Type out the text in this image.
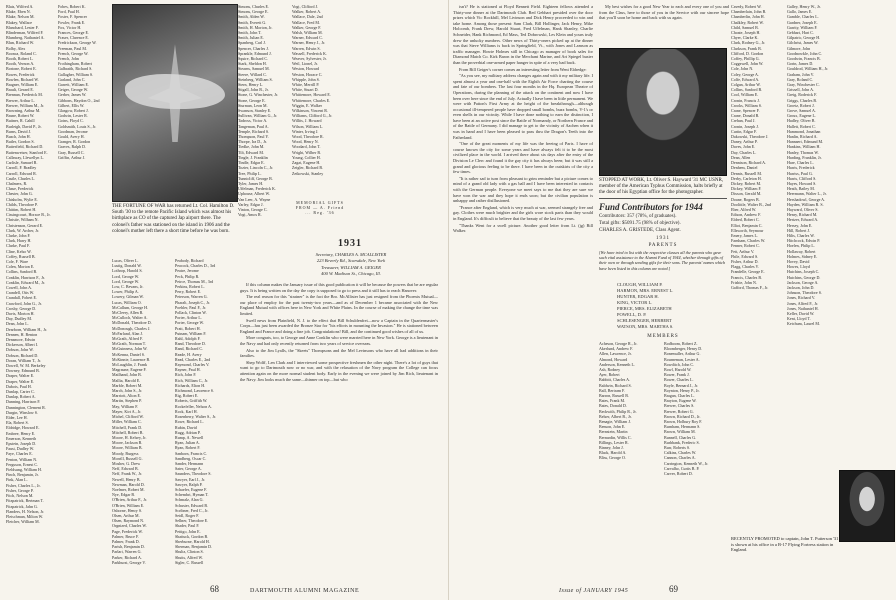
Blais, Wilfred A.
Blake, Eben N.
Blake, Nelson M.
Blakey, Wallace
Blanchard, Lester F.
Blinderman, Wilfred F.
Blumberg, Nathaniel A.
Blun, Richard W.
Bolby, Alex
Boonca, Roland C.
Booth, Robert L.
Booth, Vernon A.
Bortone, Robert E.
Bowes, Frederick
Bowlen, Richard W.
Bragner, William E.
Brault, Gerard E.
Brennan, Frederick M.
Brewer, Arthur L.
Brewer, William M., Jr.
Browning, Arthur M.
Brune, Robert W.
Buitner, R. Cahill
Burleigh, David P., Jr.
Burns, David J.
Busch, John H.
Butler, Gordon S.
Butterfield, Richard D.
Buttenweiser, Stanford E.
Callaway, Llewellyn L.
Carlisle, Samuel R.
Carroll, F. Bradley
Carroll, Edward R.
Castle, Charles L.
Chalmers, R.
Chase, Frederick
Chester, John G.
Chisholm, Wylie E.
Childs, Theodore P.
Chittim, Robert H.
Cissingcourt, Horace B., Jr.
Christie, Wilham N.
Christenson, Gerard E.
Clark, W. Archer, Jr.
Clarke, John F.
Clark, Harry H.
Clarke, Paul F.
Cline, Kelso W.
Coffey, Russell B.
Cole, F. Ware
Colen, Morton E.
Collins, Sanford B.
Conklin, Harrison F., Jr.
Conklin, Edward M., Jr.
Cowell, John A.
Crandell, Otis W.
Crandall, Fobert E.
Crawford, John G., Jr.
Crosby, George D.
Davis, Morton H.
Day, Dudley M.
Dean, John L.
Dearborn, William H., Jr.
Dennen, H. Benton
Densmore, Edwin
Dickerson, Albert I.
Dobson, John W.
Dobson, Richard D.
Doran, William T., Jr.
Dowell, W. M. Berkeley
Downey, Edmund B.
Draper, Walter E.
Draper, Walter E.
Dubois, Paul H.
Dunlap, Carter C.
Dunlap, Robert A.
Dunning, Harrison F.
Dunnington, Clement R.
Durgin, Winslow S.
Elder, Lee H.
Ela, Robert S.
Eldridge, Howard E.
Embree, Henry E.
Emerson, Kenneth
Epstein, Joseph D.
Faust, Dudley W.
Faye, Charles E.
Fenton, William N.
Ferguson, Ernest C.
Fieldsung, William H.
Finch, Benjamin, Jr.
Fink, Alan L.
Fisher, Charles L., Jr.
Fisher, George P.
Fitch, Nelson M.
Fitzpatrick, Bertman T.
Fitzpatrick, Jahn G.
Flanders, H. Nelson, Jr.
Fleischman, Milton W.
Fletcher, William M.
Fobes, Robert K.
Ford, Paul H.
Foster, F. Spencer
Fowler, Frank E.
Fox, Victor H.
Frances, George E.
Fraser, Clarence E.
Fredrickson, George W.
Freeman, Paul M.
French, George W.
French, John
Frothingham, Robert
Galbraith, Richard S.
Gallagher, William S.
Garland, John C.
Garrett, William E.
Geiger, George W.
Gerber, James W.
Gibbons, Haydon O., 2nd
Gilbert, Ellis W.
Glasgow, Robert J.
Godwin, Lester R.
Goins, Floyd C.
Goldsmith, Louis S., Jr.
Goodman, Jerome
Gould, Avery H.
Granger, R. Gordon
Graves, Ralph D.
Gray, Russell C.
Griffin, Arthur J.
Simons, Charles E.
Simons, George E.
Smith, Alden W.
Smith, Everett G.
Smith, H. Morton, Jr.
Smith, John T.
Smith, Julian E.
Spanberg, Carl J.
Spencer, Charles J.
Sprankle, Edmund J.
Squire, Richard C.
Stark, Sheldon H.
Stearns, Samuel M.
Steere, Willard C.
Steinberg, William S.
Stern, Henry L.
Stigall, John B., Jr.
Stone, G. Winchester, Jr.
Stone, George E.
Sturman, Leon M.
Swanson, Stanley E.
Sullivan, William G., Jr.
Tadross, Victor A.
Tangeman, Paul A.
Temple, Richard S.
Thompson, Paul Y.
Thorpe, Ira D., Jr.
Tiedke, John M.
Tilt, Edward M.
Tingle, J. Franklin
Tindle, Edgar E.
Tozier, Lincoln C., Jr.
Tree, Philip L.
Tunnicliff, George B.
Tyler, James H.
Uffelman, Frederick K.
Uphouse, Albert W.
Van Leer, A. Wayne
Varley, Edgar J.
Vinton, George C.
Vogt, Amos R.
Vogt, Clifford J.
Walker, Robert A.
Wallace, Dale, 2nd
Wallace, Fred M.
Walker, George F.
Walsh, William M.
Warner, Edward C.
Warner, Henry J., Jr.
Warren, Edwin S.
Wassell, Frederick K.
Weaver, Sylvester, Jr.
Weil, Lionel, Jr.
Weston, Howard
Weston, Horace C.
Whipple, John S.
White, Merrill P.
White, Stuart D.
Whittemore, Howard E.
Whittemore, Charles E.
Wiggin, E. Walker
Wilkinson, Vincent R.
Williams, Clifford G., Jr.
Willits, J. Howard
Wilson, William L.
Winter, Irving J.
Wood, Theodore R.
Wood, Henry N.
Woodard, John T.
Wright, Wilber B.
Young, Collier H.
Zagat, Eugene H.
Zeigler, Richard B.
Zetkowski, Stanley
THE FORTUNE OF WAR has returned Lt. Col. Hamilton D. South '30 to the remote Pacific Island which was almost his birthplace as CO of the captured Jap airport there. The colonel's father was stationed on the island in 1906 and the colonel's mother left there a short time before he was born.
Lucas, Oliver L.
Lustig, Donald W.
Lothrop, Harold S.
Lord, George W.
Lord, George W.
Low, C. Bevans, Jr.
Lower, Philip A.
Lowery, Gilman W.
Lucas, William O.
McCallum, George H.
McCleery, Allen R.
McCulloch, Walter A.
McDonald, Theodore D.
McDonough, Charles J.
McFarland, Alan J.
McGrath, Alfred F.
McGrath, Norman T.
McGuinness, John W.
McKenna, Daniel S.
McKinnie, Laurence B.
McLaughlin, J. Frank
Magraune, Eugene F.
Mailhand, John B.
Mallia, Harold E.
Marble, Robert M.
March, John S., Jr.
Marriott, Alton E.
Martin, Stephen P.
May, William F.
Mayer, Kirt A., Jr.
Michel, Clifford W.
Miller, William C.
Mitchell, Frank D.
Mitchell, Robert B.
Moore, H. Kelsey, Jr.
Moore, Jackson B.
Moore, William B.
Moody, Burgess
Morrill, Russell G.
Mosher, G. Drew
Neff, Edward B.
Neff, Frank W., Jr.
Newell, Henry B.
Newman, Harold D.
Noelmer, Robert M.
Nye, Edgar B.
O'Brien, Arthur F., Jr.
O'Brien, William E.
Osborne, Henry S.
Olsen, Arthur M.
Olsen, Raymond N.
Orgnized, Charles W.
Page, Frederick W.
Palmer, Bruce F.
Palmer, Frank D.
Parish, Benjamin D.
Parlari, Warren G.
Parker, Richard A.
Parkhurst, George V.
Peabody, Richard
Peacock, Charles D., 3rd
Peatre, Jerome
Peck, Philip R.
Peirce, Thomas M., 3rd
Perkins, Robert L.
Perry, Robert E.
Peterson, Warren G.
Pharalt, Joseph C., Jr.
Poehler, Paul F., Jr.
Pollack, Clinton W.
Porter, Arthur L.
Porter, George W.
Pratt, Robert H.
Putnam, William F.
Rahl, Adolph F.
Rand, Theodore D.
Rand, Richard C.
Reade, H. Avery
Read, Charles E., 2nd
Raymond, Charles V.
Rayner, Paul H.
Rich, John F.
Rich, William C., Jr.
Richards, Elton H.
Richmond, Lawrence S.
Rig, Robert E.
Roberts, Griffith W.
Rockefeller, Nelson A.
Rock, Karl H.
Rosenberry, Walter S., Jr.
Rowe, Richard L.
Rubin, David
Rugg, Adrian P.
Rump, A. Newell
Ryan, Julian A.
Ryan, Robert F.
Sanborn, Francis C.
Sandberg, Oscar C.
Sander, Hermann
Sater, George A.
Saunders, Theodore S.
Sawyer, Earl J., Jr.
Sawyer, Ralph P.
Schaefer, Eugene F.
Schembri, Hyman T.
Schmalz, Alan G.
Schuster, Edward B.
Scribner, Fred C., Jr.
Seidl, Roger F.
Sellner, Theodore E.
Shader, Paul F.
Pettigo, John E.
Shattuck, Gordon B.
Sherburne, Harold H.
Sherman, Benjamin D.
Shultz, Clinton S.
Shutts, Alfred W.
Sigler, C. Russell
MEMORIAL GIFTS FROM — A. Friend ... Reg. '36
1931
Secretary, CHARLES A. MCALLISTER
223 Beverly Rd., Scarsdale, New York
Treasurer, WILLIAM A. GEIGER
400 W. Madison St., Chicago, Ill.

If this column makes the January issue of this good publication it will be because the powers that be are regular guys. It is being written on the day the copy is supposed to go to press and it still has to reach Hanover.

The real reason for this "strainer" is the fact the Bro. McAllister has just resigned from the Phoenix Mutual—our place of employ for the past twenty-two years—and as of December 1 became associated with the New England Mutual with offices here in New York and White Plains. In the course of making the change the time was limited.

Swell news from Plainfield, N. J. to the effect that Bill Schuldenfrei—now a Captain in the Quartermaster's Corps—has just been awarded the Bronze Star for "his efforts in mounting the Invasion." He is stationed between England and France and doing a fine job. Congratulations! Bill, and the continued good wishes of all of us.

More congrats, too, to George and Anne Conklin who were married here in New York. George is a lieutenant in the Navy and had only recently returned from two years of service overseas.

Also to the Jim Lyalls, the "Skeets" Thompsons and the Mel Levinsons who have all had additions in their families.

Shep Wolff, Len Clark and I interviewed some prospective freshmen the other night. There's a lot of guys that want to go to Dartmouth now or no war, and with the relaxation of the Navy program the College can focus attention again on the more normal student body. Early in the evening we were joined by Jim Rich, lieutenant in the Navy. Jim looks much the same—thinner on top—but who

68	DARTMOUTH ALUMNI MAGAZINE

isn't? He is stationed at Floyd Bennett Field. Eighteen fellows attended a Thirty-one dinner at the Dartmouth Club. Red Gebhart presided over the door prizes which Vic Rockhill, Mel Livinson and Dick Henry proceeded to win and take home. Among those present: Sam Clark, Bill Hollinger, Jack Henry, Mike Holcomb, Frank Drew, Harold Stuart, Fred Uffelman, Hank Shanley, Charlie Schneider, Hank Richmond, Ed Mass, Ted Dobrowski, Les Klein and yours truly drew the unlucky numbers. Other news of Thirty-oners picked up at the dinner was that Steve Williams is back in Springfield, Vt., with Jones and Lamson as traffic manager. Howie Holmes still in Chicago as manager of book sales for Diamond Match Co. Kirk Baron in the Merchant Marine, and Art Spiegel busier than the proverbial one-armed paper hanger in spite of a very bad back.

From Bill Geiger's corner comes an interesting letter from Went Eldredge:

"As you see, my military address changes again and with it my military life. I spent almost a year and one-half with the Eighth Air Force charting the course and fate of our bombers. The last four months in the Hq. European Theatre of Operations, during the planning of the attack on the continent and now I have been over here since the end of July. Actually I have been in little permanent. We were with Patton's First Army at the height of the breakthrough—although occasional ill-tempered people have dropped small bombs, buzz bombs, V-1's or even shells in our vicinity. While I have done nothing to earn the distinction, I have been at an active post since the Battle of Normandy, or Northern France and of the Battle of Germany. I did manage to get to the vicinity of Aachen when it was in hand and I have been pleased to pass thru the Dragon's Teeth into the Fatherland.

"One of the great moments of my life was the freeing of Paris. I have of course known the city for some years and have always felt it to be the most civilized place in the world. I arrived there about six days after the entry of the Division Le Clerc and found it the gay city it has always been; but it was still a grand and glorious feeling to be there. I have been in the outskirts of the city a few times.

"It is rather sad to turn from pleasant to grim reminder but a picture comes to mind of a grand old lady with a gas ball and I have been interested in contacts with the German people. Everyone we meet says to me that they are sure we have won the war and they hope it ends soon; but the civilian population is unhappy and rather disillusioned.

"France after England, which is very much at war, seemed strangely free and gay. Clothes were much brighter and the girls wore stock parts than they would in England. It's difficult to believe that the beauty of the last few years.

"Thanks Went for a swell picture. Another good letter from Lt. (jg) Bill Walker.

My best wishes for a good New Year to each and every one of you and from the Class, here to those of you in the Service with our sincere hope that you'll soon be home and back with us again.

STOPPED AT WORK, Lt. Oliver S. Hayward '31 MC USNR, member of the American Typhus Commission, halts briefly at the door of his Egyptian office for the photographer.
Fund Contributors for 1944
Contributors: 357 (78%, of graduates).
Total gifts: $5091.75 (98% of objective).
CHARLES A. GRISTEDE, Class Agent.
1931
PARENTS
[We have tried to list with the respective classes all the parents who gave such vital assistance to the Alumni Fund of 1944, whether through gifts of their own or through sending gifts for their sons. The parents' names which have been listed in this column are noted.]
CLOUGH, WILLIAM P.
HARMON, MRS. ERNEST L.
HUNTER, EDGAR H.
KING, VICTOR L.
PIERCE, MRS. ELIZABETH
POWELL, D. P.
SCHLESENGER, HERBERT
WATSON, MRS. MARTHA S.
MEMBERS
Acheson, George R., Jr.
Akerlund, Andrew F.
Allen, Lawrence, Jr.
Almond, Howard
Anderson, Kenneth L.
Ash, Rodney
Ayer, Robert
Babbitt, Charles A.
Baldwin, Richard S.
Ball, Bertram F.
Barron, Russell B.
Bates, Frank M.
Bates, Donald D.
Beckwith, Philip R., Jr.
Belser, Albert B., Jr.
Benagie, William J.
Benson, John E.
Bernstein, Martin
Bernardin, Willis C.
Billings, Lester R.
Binney, John J.
Black, Harold A.
Bliss, George O.
Bodboom, Robert Z.
Bloomberger, Henry D.
Bonemuller, Arthur G.
Bourneman, Lester A.
Bowditch, John C.
Bowl, Harold W.
Bower, Frank J.
Bower, Charles L.
Boyle, Bernard J., Jr.
Boynton, Henry P., Jr.
Bragan, Charles L.
Brayton, Eugene W.
Brewer, Charles S.
Brewer, Robert G.
Brown, Richard D., Jr.
Brown, Holbury Roy F.
Burnham, Hermann S.
Brown, William M.
Bunnell, Charles G.
Burhbank, Frederic S.
Burr, Roberts S.
Calkins, Charles W.
Cannon, Charles A.
Carrington, Kenneth W., Jr.
Carvalho, Curtis B. P.
Carver, Robert D.
Cavedy, Robert W.
Chamberlain, John B.
Chamberlin, John H.
Chalkley, Robert W.
Child, Samuel B.
Choate, Joseph H.
Chyer, Clarke K.
Clark, Rodney G., Jr.
Clarkson, Frank B.
Clifford, D. Gordon
Coffey, Phillip G.
Coggswell, John W.
Cole, John N.
Coley, George A.
Colfe, Edward A.
Colgan, Arthur W.
Collins, Sanford B.
Cool, William E.
Cronin, Francis J.
Crooks, William S.
Crane, Spencer F.
Crane, Donald B.
Crehan, Paul J.
Cronin, Joseph J.
Curtin, Edgar F.
Dakowski, Theodore J.
Daney, Arthur P.
Daves, John E.
Day, Charles L.
Dean, Allen
Dennison, Richard A.
Denhem, Daniel
Dennis, Russell M.
Derby, Carleton H.
Dickey, Robert M.
Dickey, William F.
Dixson, Gerald M.
Doane, Rogers B.
Doolittle, Walter B., 2nd
Eber, Alfred W.
Edison, Andrew F.
Eldred, Robert C.
Elliot, Benjamin C.
Ellsworth, Seymour
Emery, James L.
Farnham, Charles W.
Fenner, Robert C.
Fett, Arthur V.
Fhile, Edward S.
Fisher, Arthur D.
Flagg, Charles V.
Frandelle, George E.
Francis, Charles B.
Frisbie, John N.
Gafford, Thomas F., Jr.
Galley, Henry W., Jr.
Gallo, James E.
Gamble, Charles L.
Gardner, Joseph E.
Garrity, William F.
Gebhart, Hart C.
Gilpatric, George H.
Gilchrist, James W.
Gilmore, John
Goodnowkle, John C.
Goodwin, Francis B.
Gorin, James D.
Gouldrod, William H., Jr.
Graham, John V.
Gray, Roland C.
Gray, Winchester C.
Grissell, John A.
Greig, Roderick F.
Griggs, Charles B.
Groetz, Robert J.
Grove, Samuel A.
Groux, Eugene L.
Hadley, Oliver B.
Hallett, Robert C.
Hammond, Jonathan
Hanlin, Richard A.
Hannaert, Edmund M.
Hankins, William H.
Hanley, Thomas W.
Harding, Franklin, Jr.
Hare, Charles L.
Harris, Frederick
Harriss, Paul G.
Harris, Clifford S.
Hayes, Howard S.
Heath, Bailey M.
Heermann, Walter L., Jr.
Hershadowl, George A.
Hayden, William R. S.
Hayward, Oliver S.
Henry, Richard M.
Hertzer, Edward A.
Hersey, John E.
Hill, Robert J.
Hilts, Charles W.
Hitchcock, Edwin P.
Hoelen, Philip L.
Hollaway, Robert
Holmes, Sidney E.
Hovey, David
Howes, Lloyd
Hutchins, Joseph C.
Hutchins, George D.
Jackson, George A.
Jackson, John D.
Johnson, Theodore S.
Jones, Richard V.
Jones, Alfred F., Jr.
Jones, Nathaniel H.
Keller, David W.
Kent, Lloyd T.
Ketchum, Laurel M.
RECENTLY PROMOTED to captain, John T. Putterson '31 is shown at his office in a B-17 Flying Fortress station in England.
Issue of JANUARY 1945	69
